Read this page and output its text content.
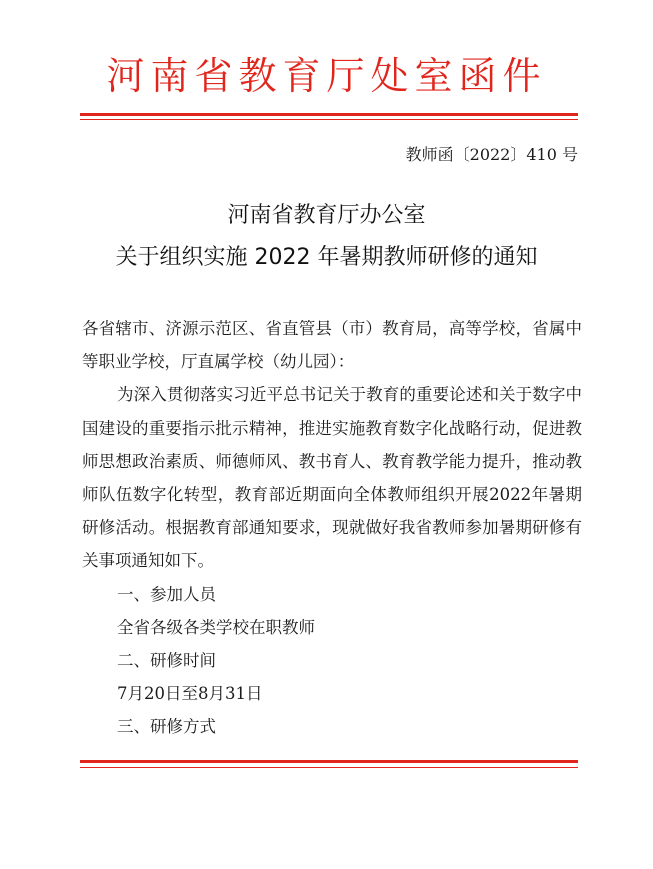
河南省教育厅处室函件
教师函〔2022〕410 号
河南省教育厅办公室
关于组织实施 2022 年暑期教师研修的通知

各省辖市、济源示范区、省直管县（市）教育局，高等学校，省属中等职业学校，厅直属学校（幼儿园）：

为深入贯彻落实习近平总书记关于教育的重要论述和关于数字中国建设的重要指示批示精神，推进实施教育数字化战略行动，促进教师思想政治素质、师德师风、教书育人、教育教学能力提升，推动教师队伍数字化转型，教育部近期面向全体教师组织开展2022年暑期研修活动。根据教育部通知要求，现就做好我省教师参加暑期研修有关事项通知如下。

一、参加人员

全省各级各类学校在职教师

二、研修时间

7月20日至8月31日

三、研修方式
